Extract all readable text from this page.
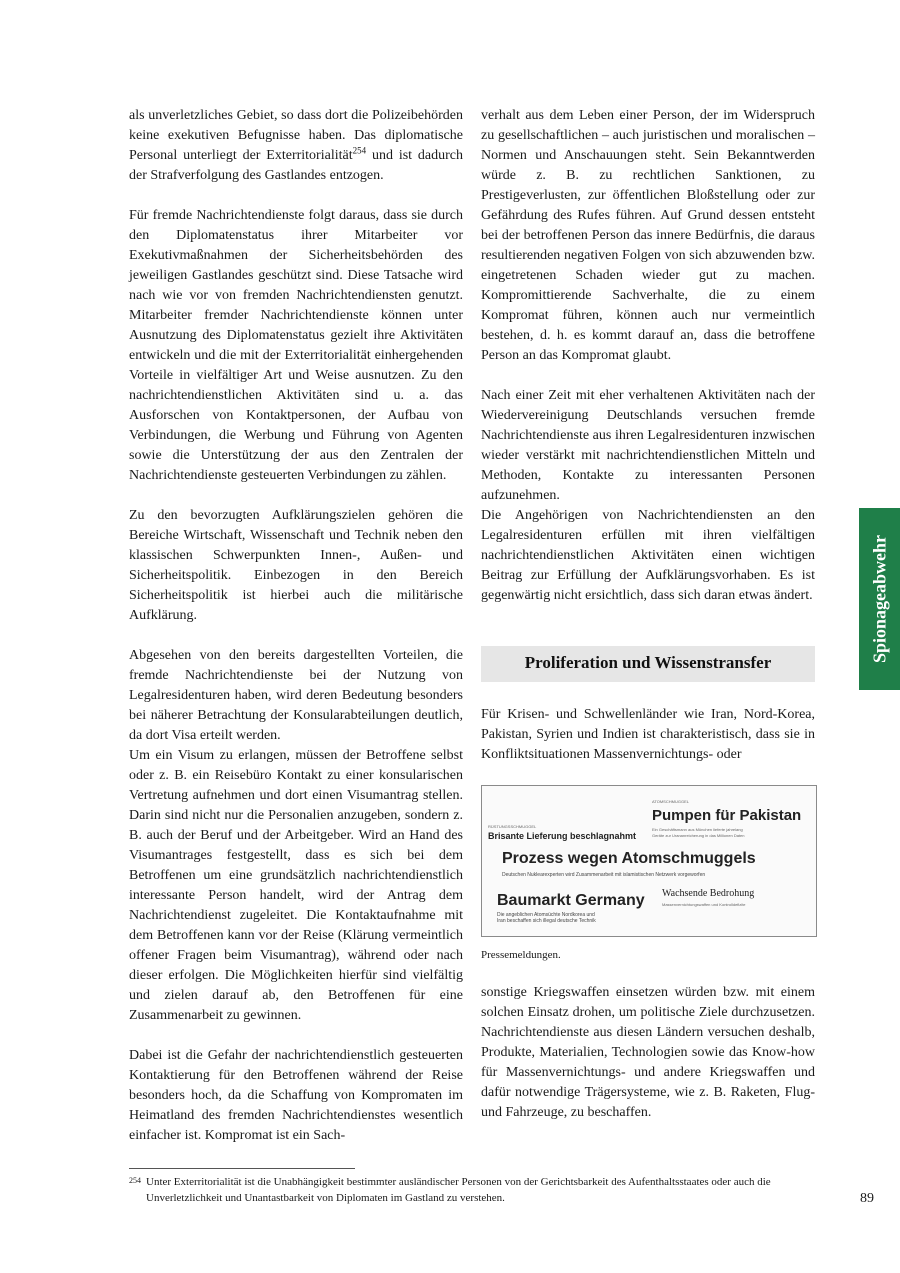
als unverletzliches Gebiet, so dass dort die Polizeibehörden keine exekutiven Befugnisse haben. Das diplomatische Personal unterliegt der Exterritorialität$^{254}$ und ist dadurch der Strafverfolgung des Gastlandes entzogen.

Für fremde Nachrichtendienste folgt daraus, dass sie durch den Diplomatenstatus ihrer Mitarbeiter vor Exekutivmaßnahmen der Sicherheitsbehörden des jeweiligen Gastlandes geschützt sind. Diese Tatsache wird nach wie vor von fremden Nachrichtendiensten genutzt. Mitarbeiter fremder Nachrichtendienste können unter Ausnutzung des Diplomatenstatus gezielt ihre Aktivitäten entwickeln und die mit der Exterritorialität einhergehenden Vorteile in vielfältiger Art und Weise ausnutzen. Zu den nachrichtendienstlichen Aktivitäten sind u. a. das Ausforschen von Kontaktpersonen, der Aufbau von Verbindungen, die Werbung und Führung von Agenten sowie die Unterstützung der aus den Zentralen der Nachrichtendienste gesteuerten Verbindungen zu zählen.

Zu den bevorzugten Aufklärungszielen gehören die Bereiche Wirtschaft, Wissenschaft und Technik neben den klassischen Schwerpunkten Innen-, Außen- und Sicherheitspolitik. Einbezogen in den Bereich Sicherheitspolitik ist hierbei auch die militärische Aufklärung.

Abgesehen von den bereits dargestellten Vorteilen, die fremde Nachrichtendienste bei der Nutzung von Legalresidenturen haben, wird deren Bedeutung besonders bei näherer Betrachtung der Konsularabteilungen deutlich, da dort Visa erteilt werden.

Um ein Visum zu erlangen, müssen der Betroffene selbst oder z. B. ein Reisebüro Kontakt zu einer konsularischen Vertretung aufnehmen und dort einen Visumantrag stellen. Darin sind nicht nur die Personalien anzugeben, sondern z. B. auch der Beruf und der Arbeitgeber. Wird an Hand des Visumantrages festgestellt, dass es sich bei dem Betroffenen um eine grundsätzlich nachrichtendienstlich interessante Person handelt, wird der Antrag dem Nachrichtendienst zugeleitet. Die Kontaktaufnahme mit dem Betroffenen kann vor der Reise (Klärung vermeintlich offener Fragen beim Visumantrag), während oder nach dieser erfolgen. Die Möglichkeiten hierfür sind vielfältig und zielen darauf ab, den Betroffenen für eine Zusammenarbeit zu gewinnen.

Dabei ist die Gefahr der nachrichtendienstlich gesteuerten Kontaktierung für den Betroffenen während der Reise besonders hoch, da die Schaffung von Kompromaten im Heimatland des fremden Nachrichtendienstes wesentlich einfacher ist. Kompromat ist ein Sach-

verhalt aus dem Leben einer Person, der im Widerspruch zu gesellschaftlichen – auch juristischen und moralischen – Normen und Anschauungen steht. Sein Bekanntwerden würde z. B. zu rechtlichen Sanktionen, zu Prestigeverlusten, zur öffentlichen Bloßstellung oder zur Gefährdung des Rufes führen. Auf Grund dessen entsteht bei der betroffenen Person das innere Bedürfnis, die daraus resultierenden negativen Folgen von sich abzuwenden bzw. eingetretenen Schaden wieder gut zu machen. Kompromittierende Sachverhalte, die zu einem Kompromat führen, können auch nur vermeintlich bestehen, d. h. es kommt darauf an, dass die betroffene Person an das Kompromat glaubt.

Nach einer Zeit mit eher verhaltenen Aktivitäten nach der Wiedervereinigung Deutschlands versuchen fremde Nachrichtendienste aus ihren Legalresidenturen inzwischen wieder verstärkt mit nachrichtendienstlichen Mitteln und Methoden, Kontakte zu interessanten Personen aufzunehmen.

Die Angehörigen von Nachrichtendiensten an den Legalresidenturen erfüllen mit ihren vielfältigen nachrichtendienstlichen Aktivitäten einen wichtigen Beitrag zur Erfüllung der Aufklärungsvorhaben. Es ist gegenwärtig nicht ersichtlich, dass sich daran etwas ändert.

Proliferation und Wissenstransfer

Für Krisen- und Schwellenländer wie Iran, Nord-Korea, Pakistan, Syrien und Indien ist charakteristisch, dass sie in Konfliktsituationen Massenvernichtungs- oder

ATOMSCHMUGGEL
Pumpen für Pakistan
Ein Geschäftsmann aus München lieferte jahrelang
Geräte zur Urananreicherung in das Millionen Daten
RÜSTUNGSSCHMUGGEL
Brisante Lieferung beschlagnahmt
Prozess wegen Atomschmuggels
Deutschen Nuklearexperten wird Zusammenarbeit mit islamistischen Netzwerk vorgeworfen
Baumarkt Germany
Die angeblichen Atomsüchte Nordkorea und
Iran beschaffen sich illegal deutsche Technik
Wachsende Bedrohung
Massenvernichtungswaffen und Kontrolldefizite
Pressemeldungen.

sonstige Kriegswaffen einsetzen würden bzw. mit einem solchen Einsatz drohen, um politische Ziele durchzusetzen. Nachrichtendienste aus diesen Ländern versuchen deshalb, Produkte, Materialien, Technologien sowie das Know-how für Massenvernichtungs- und andere Kriegswaffen und dafür notwendige Trägersysteme, wie z. B. Raketen, Flug- und Fahrzeuge, zu beschaffen.

Spionageabwehr
254 Unter Exterritorialität ist die Unabhängigkeit bestimmter ausländischer Personen von der Gerichtsbarkeit des Aufenthaltsstaates oder auch die Unverletzlichkeit und Unantastbarkeit von Diplomaten im Gastland zu verstehen.	89
